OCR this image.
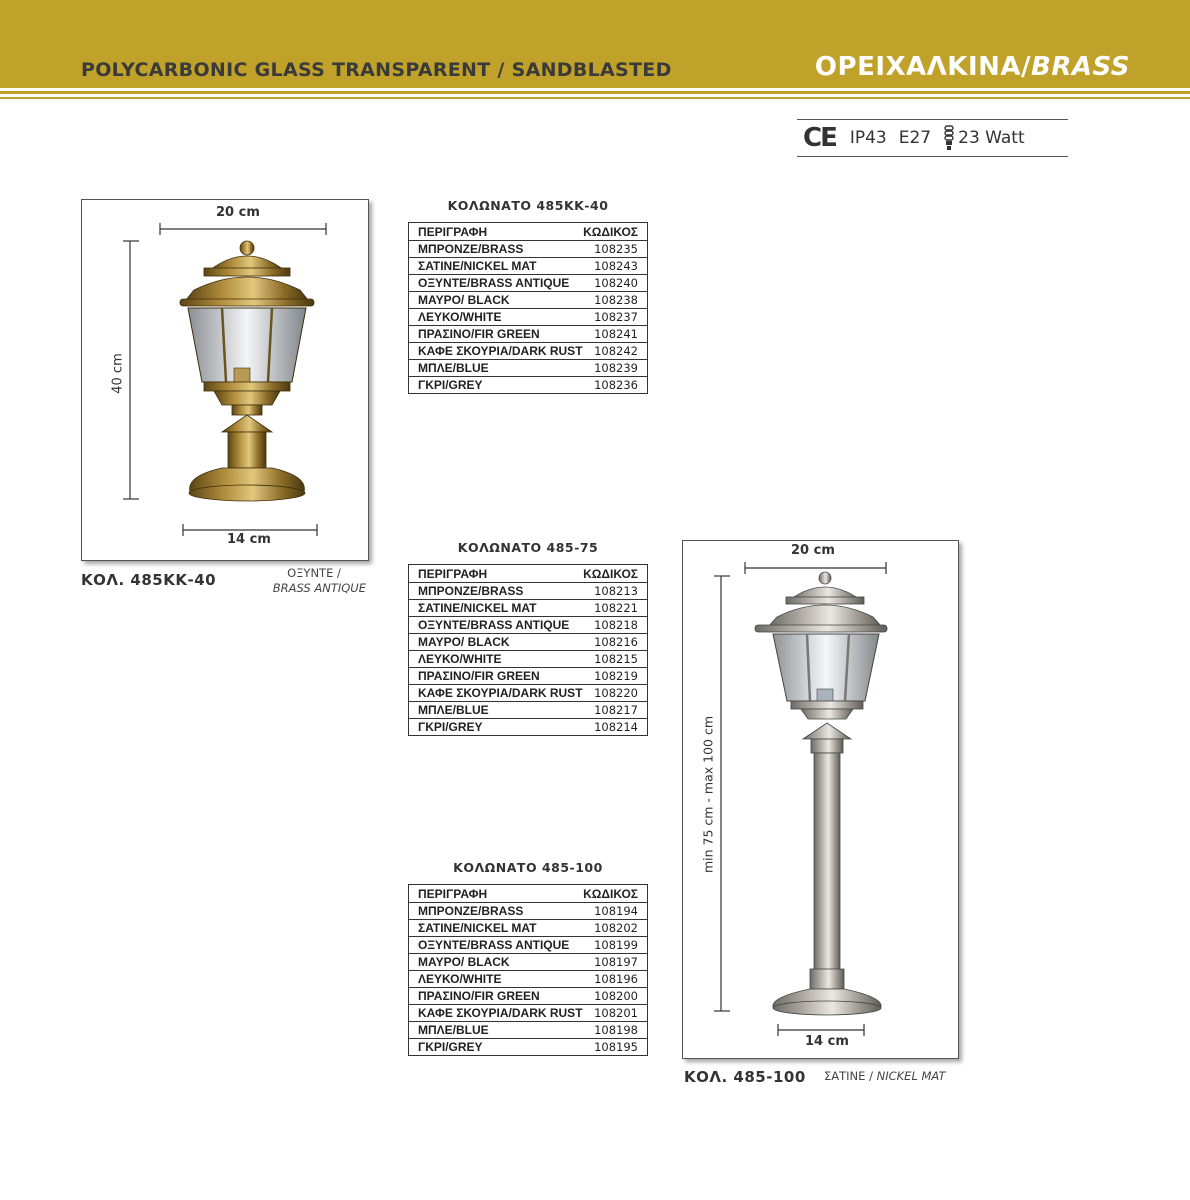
POLYCARBONIC GLASS TRANSPARENT / SANDBLASTED	ΟΡΕΙΧΑΛΚΙΝΑ/BRASS
CE IP43 E27 23 Watt
20 cm
40 cm
14 cm
ΚΟΛ. 485ΚΚ-40	ΟΞΥΝΤΕ /
BRASS ANTIQUE
20 cm
min 75 cm - max 100 cm
14 cm
ΚΟΛ. 485-100 ΣΑΤΙΝΕ / NICKEL MAT
ΚΟΛΩΝΑΤΟ 485ΚΚ-40
ΠΕΡΙΓΡΑΦΗ	ΚΩΔΙΚΟΣ
ΜΠΡΟΝΖΕ/BRASS	108235
ΣΑΤΙΝΕ/NICKEL MAT	108243
ΟΞΥΝΤΕ/BRASS ANTIQUE 108240
ΜΑΥΡΟ/ BLACK	108238
ΛΕΥΚΟ/WHITE	108237
ΠΡΑΣΙΝΟ/FIR GREEN	108241
ΚΑΦΕ ΣΚΟΥΡΙΑ/DARK RUST 108242
ΜΠΛΕ/BLUE	108239
ΓΚΡΙ/GREY	108236
ΚΟΛΩΝΑΤΟ 485-75
ΠΕΡΙΓΡΑΦΗ	ΚΩΔΙΚΟΣ
ΜΠΡΟΝΖΕ/BRASS	108213
ΣΑΤΙΝΕ/NICKEL MAT	108221
ΟΞΥΝΤΕ/BRASS ANTIQUE 108218
ΜΑΥΡΟ/ BLACK	108216
ΛΕΥΚΟ/WHITE	108215
ΠΡΑΣΙΝΟ/FIR GREEN	108219
ΚΑΦΕ ΣΚΟΥΡΙΑ/DARK RUST 108220
ΜΠΛΕ/BLUE	108217
ΓΚΡΙ/GREY	108214
ΚΟΛΩΝΑΤΟ 485-100
ΠΕΡΙΓΡΑΦΗ	ΚΩΔΙΚΟΣ
ΜΠΡΟΝΖΕ/BRASS	108194
ΣΑΤΙΝΕ/NICKEL MAT	108202
ΟΞΥΝΤΕ/BRASS ANTIQUE 108199
ΜΑΥΡΟ/ BLACK	108197
ΛΕΥΚΟ/WHITE	108196
ΠΡΑΣΙΝΟ/FIR GREEN	108200
ΚΑΦΕ ΣΚΟΥΡΙΑ/DARK RUST 108201
ΜΠΛΕ/BLUE	108198
ΓΚΡΙ/GREY	108195
